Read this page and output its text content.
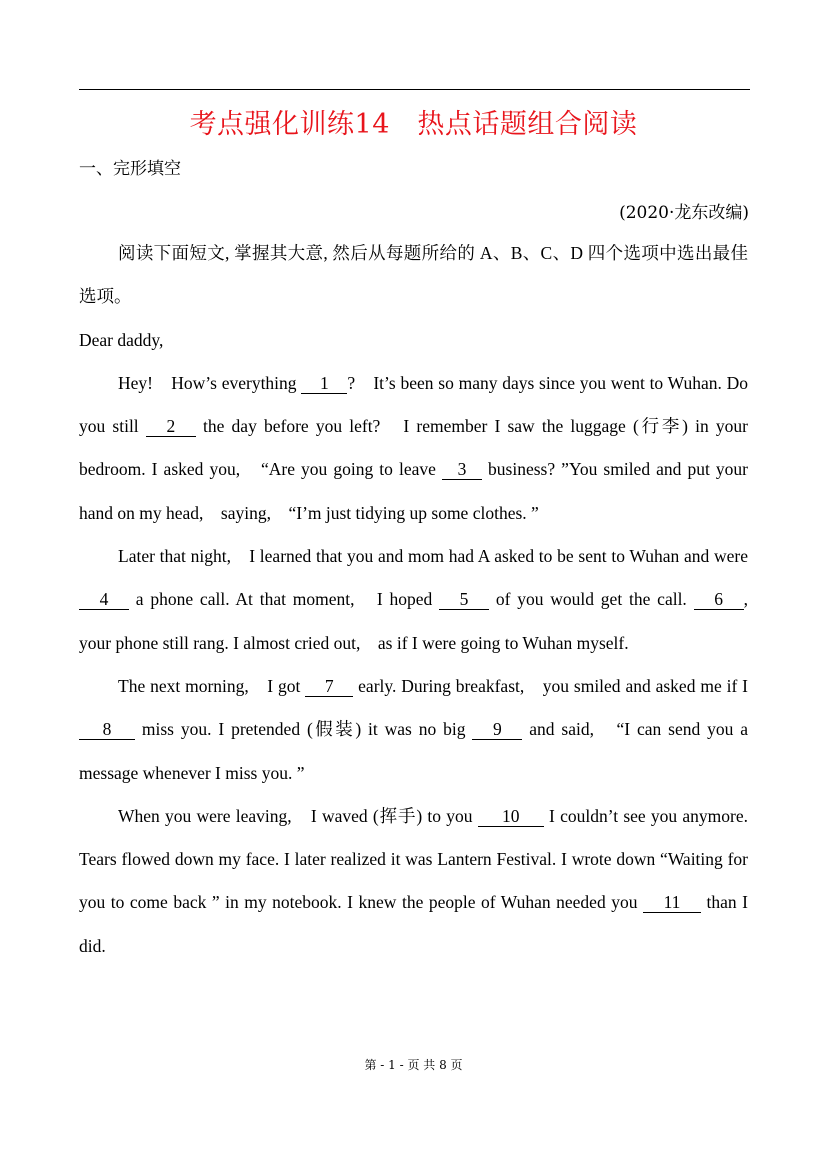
考点强化训练14　热点话题组合阅读
一、完形填空
(2020·龙东改编)

阅读下面短文, 掌握其大意, 然后从每题所给的 A、B、C、D 四个选项中选出最佳选项。

Dear daddy,

Hey!　How’s everything 1 ?　It’s been so many days since you went to Wuhan. Do you still 2 the day before you left?　I remember I saw the luggage (行李) in your bedroom. I asked you,　“Are you going to leave 3 business? ”You smiled and put your hand on my head,　saying,　“I’m just tidying up some clothes. ”

Later that night,　I learned that you and mom had A asked to be sent to Wuhan and were 4 a phone call. At that moment,　I hoped 5 of you would get the call. 6 ,　your phone still rang. I almost cried out,　as if I were going to Wuhan myself.

The next morning,　I got 7 early. During breakfast,　you smiled and asked me if I 8 miss you. I pretended (假装) it was no big 9 and said,　“I can send you a message whenever I miss you. ”

When you were leaving,　I waved (挥手) to you 10 I couldn’t see you anymore. Tears flowed down my face. I later realized it was Lantern Festival. I wrote down “Waiting for you to come back ” in my notebook. I knew the people of Wuhan needed you 11 than I did.

第 - 1 - 页 共 8 页
